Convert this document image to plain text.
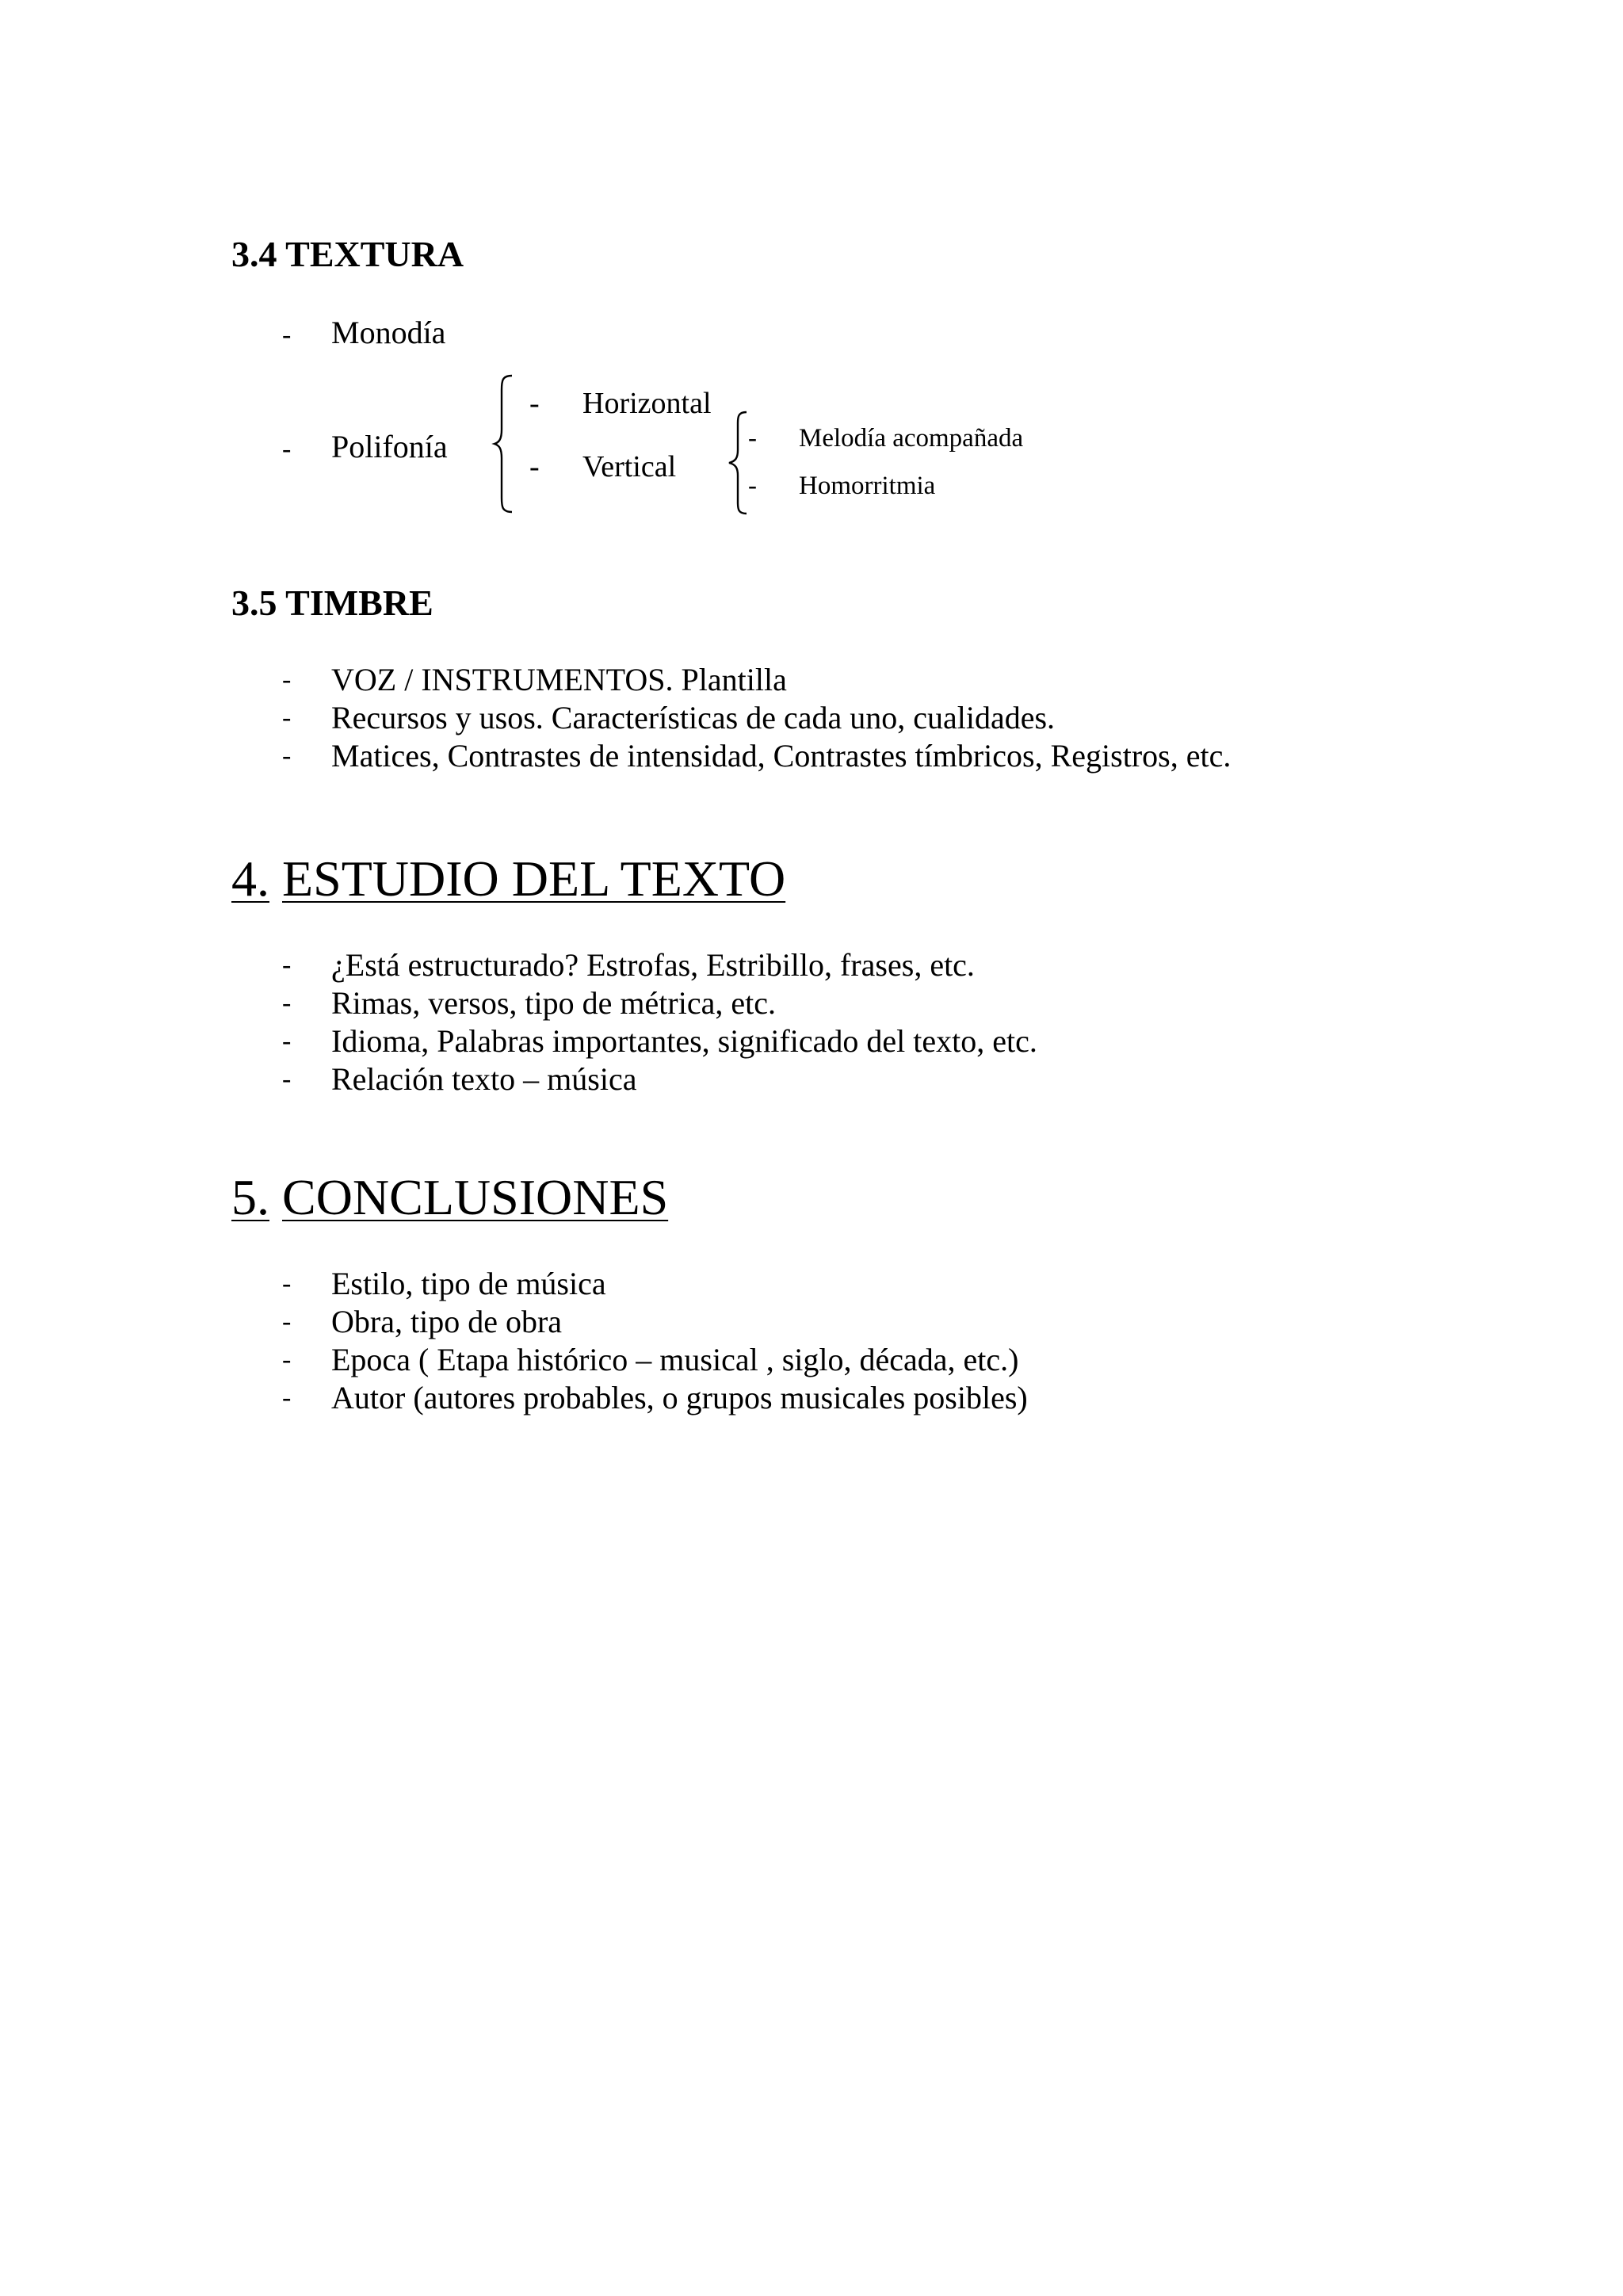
3.4 TEXTURA
- Monodía
- Polifonía
- Horizontal
- Vertical
- Melodía acompañada
- Homorritmia
3.5 TIMBRE
- VOZ / INSTRUMENTOS. Plantilla
- Recursos y usos. Características de cada uno, cualidades.
- Matices, Contrastes de intensidad, Contrastes tímbricos, Registros, etc.
4. ESTUDIO DEL TEXTO
- ¿Está estructurado? Estrofas, Estribillo, frases, etc.
- Rimas, versos, tipo de métrica, etc.
- Idioma, Palabras importantes, significado del texto, etc.
- Relación texto – música
5. CONCLUSIONES
- Estilo, tipo de música
- Obra, tipo de obra
- Epoca ( Etapa histórico – musical , siglo, década, etc.)
- Autor (autores probables, o grupos musicales posibles)
